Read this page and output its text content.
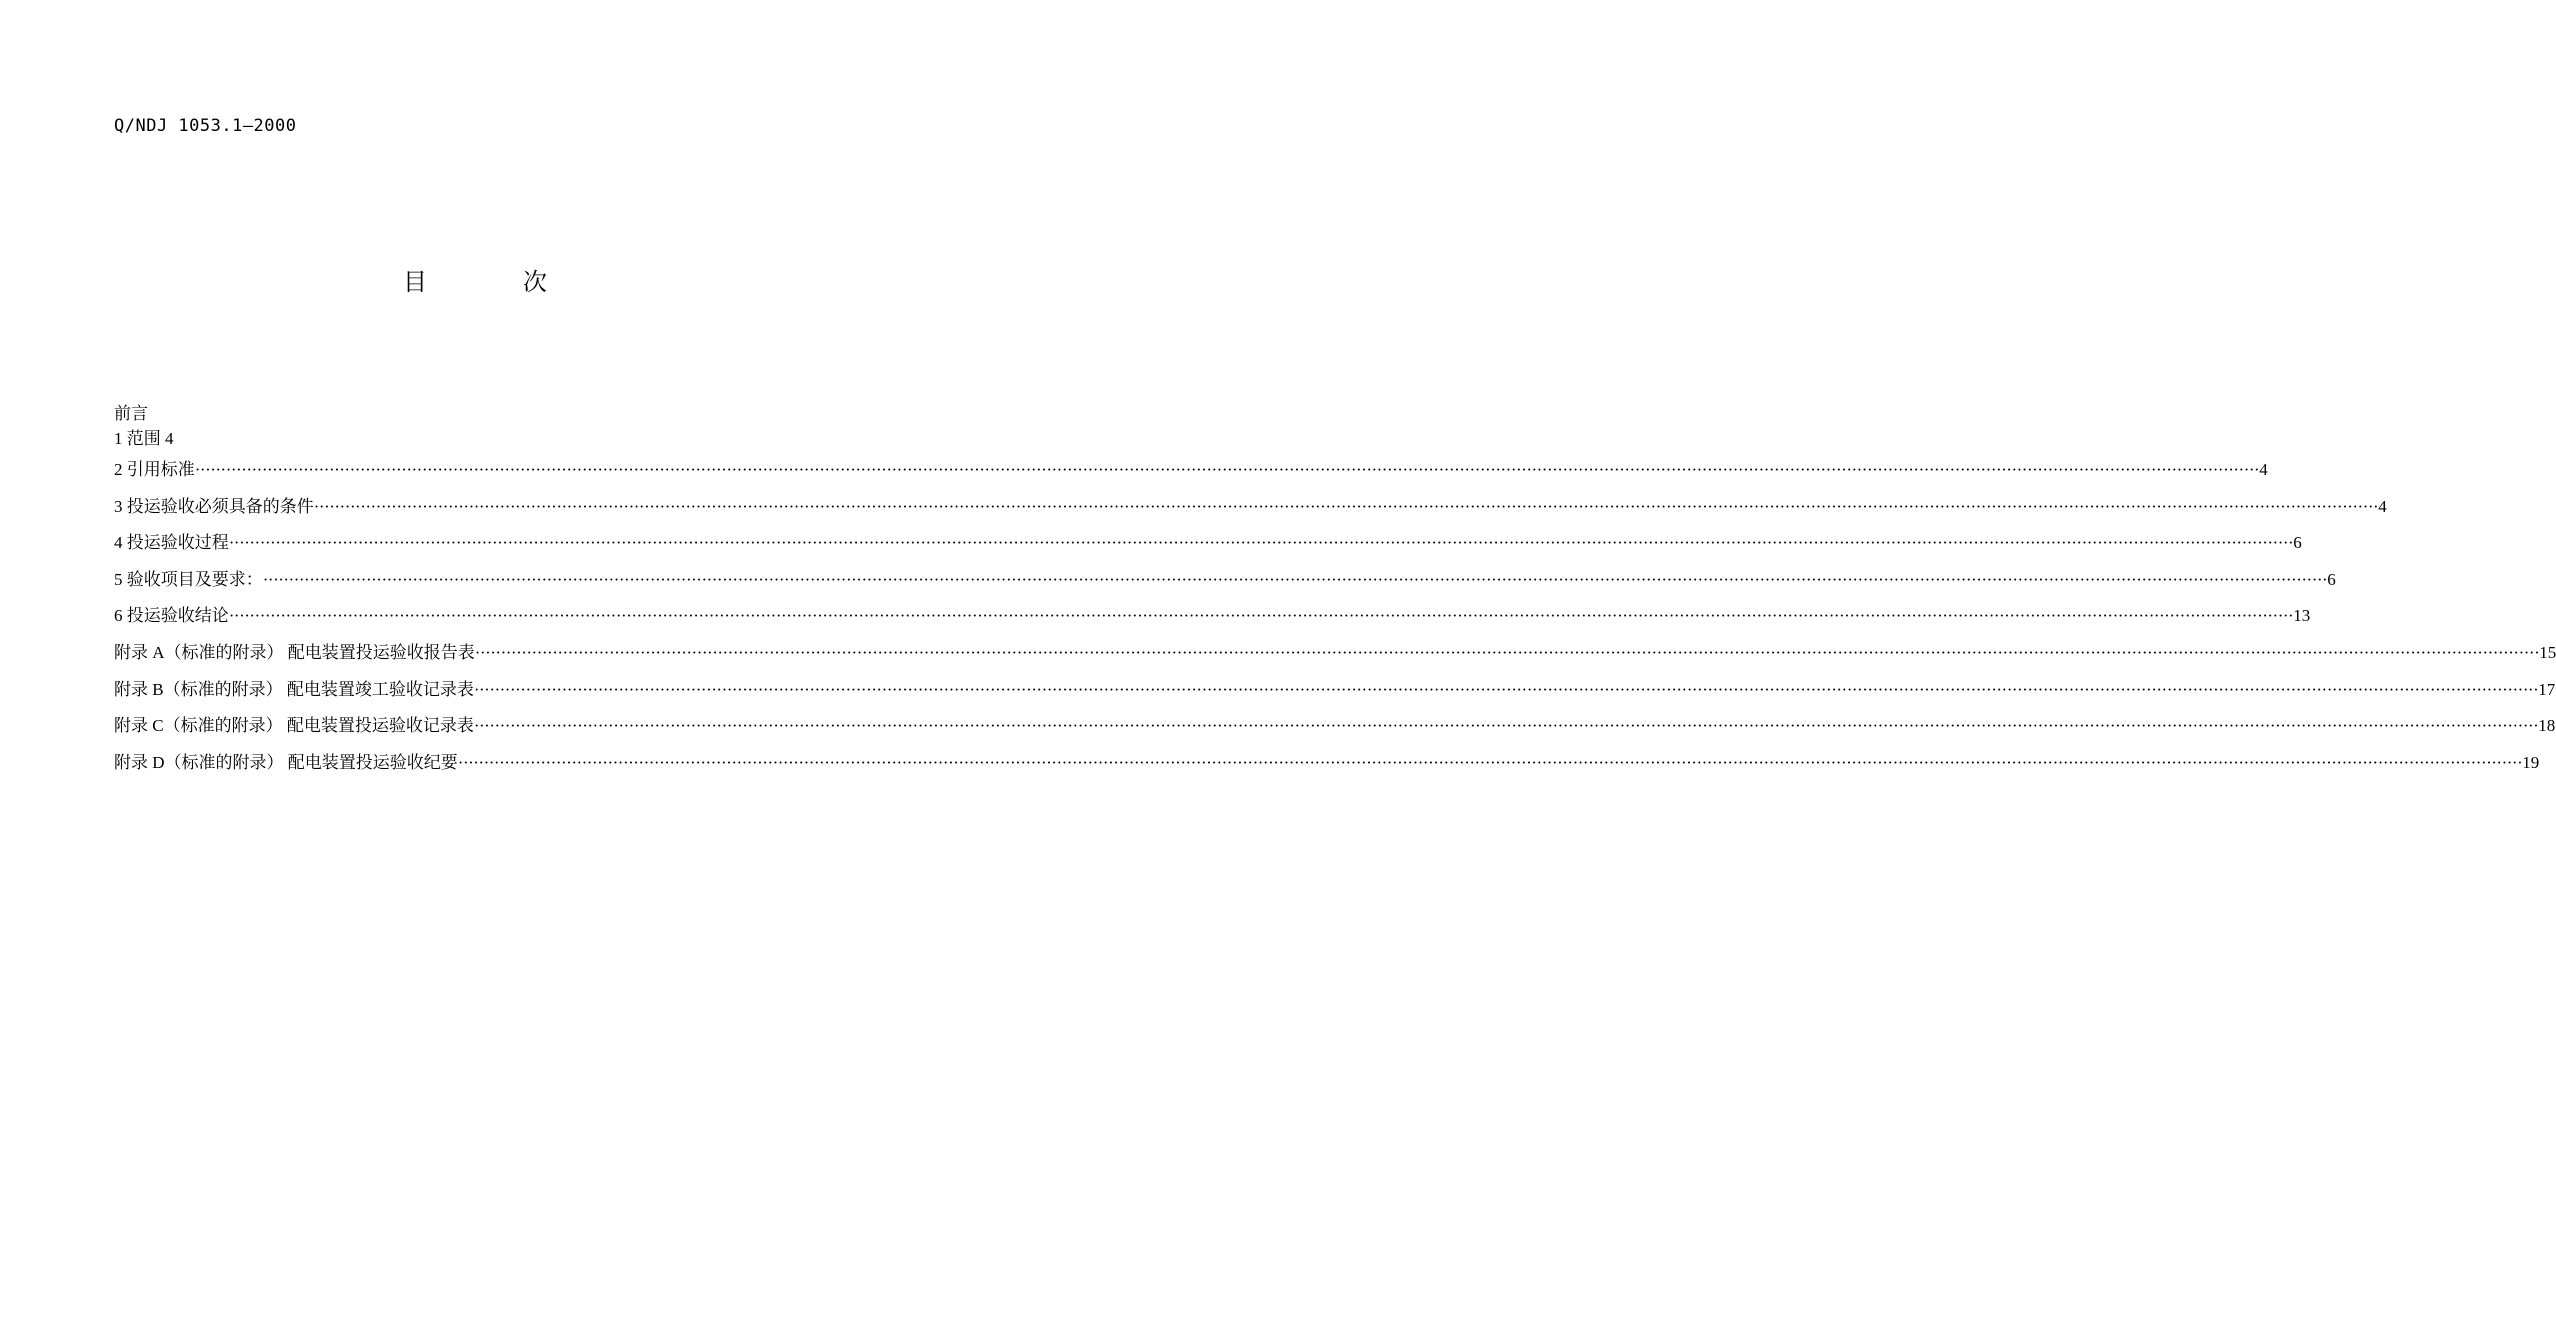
Q/NDJ 1053.1—2000
目	次
前言
1 范围 4
2 引用标准 ················································································································································································································································································································································································································ 4
3 投运验收必须具备的条件 ················································································································································································································································································································································································································ 4
4 投运验收过程 ················································································································································································································································································································································································································ 6
5 验收项目及要求： ················································································································································································································································································································································································································ 6
6 投运验收结论 ················································································································································································································································································································································································································ 13
附录 A（标准的附录） 配电装置投运验收报告表 ················································································································································································································································································································································································································ 15
附录 B（标准的附录） 配电装置竣工验收记录表 ················································································································································································································································································································································································································ 17
附录 C（标准的附录） 配电装置投运验收记录表 ················································································································································································································································································································································································································ 18
附录 D（标准的附录） 配电装置投运验收纪要 ················································································································································································································································································································································································································ 19
